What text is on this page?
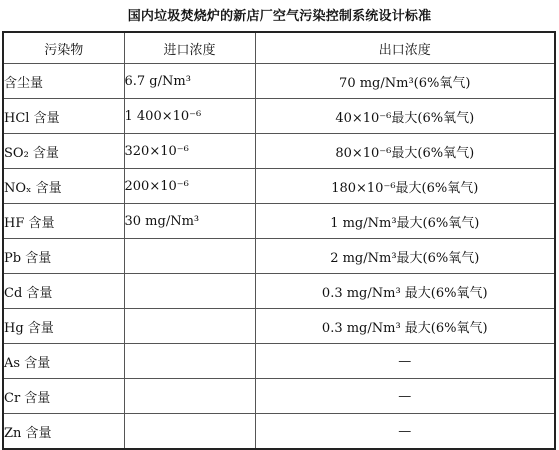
国内垃圾焚烧炉的新店厂空气污染控制系统设计标准
污染物	进口浓度	出口浓度
含尘量	6.7 g/Nm³	70 mg/Nm³(6%氧气)
HCl 含量	1 400×10⁻⁶	40×10⁻⁶最大(6%氧气)
SO₂ 含量	320×10⁻⁶	80×10⁻⁶最大(6%氧气)
NOₓ 含量	200×10⁻⁶	180×10⁻⁶最大(6%氧气)
HF 含量	30 mg/Nm³	1 mg/Nm³最大(6%氧气)
Pb 含量		2 mg/Nm³最大(6%氧气)
Cd 含量		0.3 mg/Nm³ 最大(6%氧气)
Hg 含量		0.3 mg/Nm³ 最大(6%氧气)
As 含量		—
Cr 含量		—
Zn 含量		—
